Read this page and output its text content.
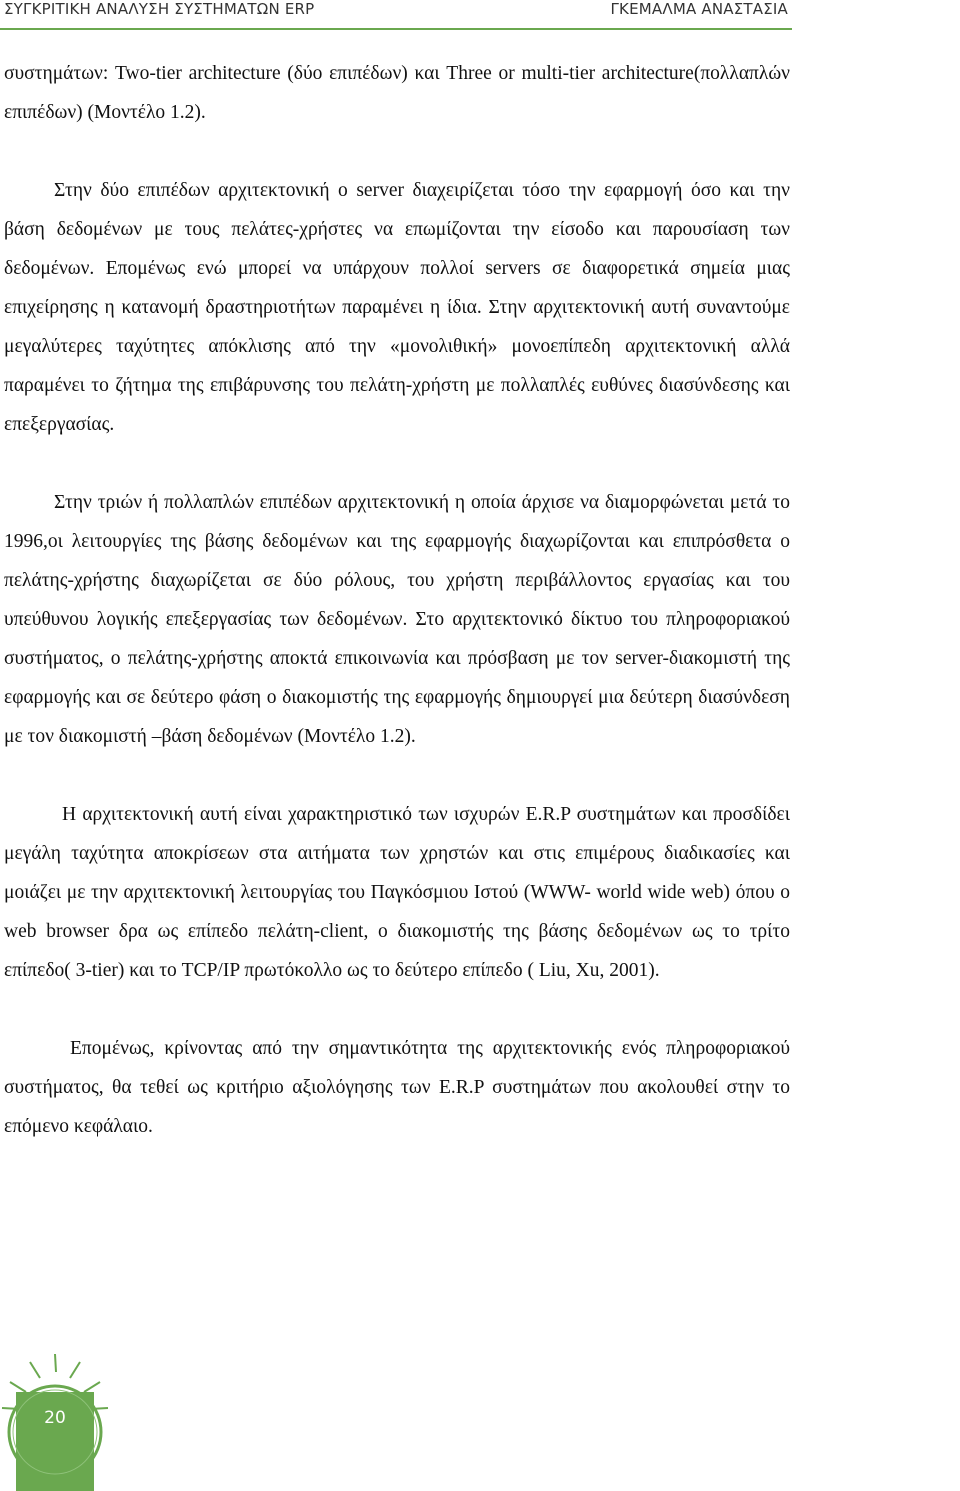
ΣΥΓΚΡΙΤΙΚΗ ΑΝΑΛΥΣΗ ΣΥΣΤΗΜΑΤΩΝ ERP	ΓΚΕΜΑΛΜΑ ΑΝΑΣΤΑΣΙΑ

συστημάτων: Two-tier architecture (δύο επιπέδων) και Three or multi-tier architecture(πολλαπλών επιπέδων) (Μοντέλο 1.2).

Στην δύο επιπέδων αρχιτεκτονική ο server διαχειρίζεται τόσο την εφαρμογή όσο και την βάση δεδομένων με τους πελάτες-χρήστες να επωμίζονται την είσοδο και παρουσίαση των δεδομένων. Επομένως ενώ μπορεί να υπάρχουν πολλοί servers σε διαφορετικά σημεία μιας επιχείρησης η κατανομή δραστηριοτήτων παραμένει η ίδια. Στην αρχιτεκτονική αυτή συναντούμε μεγαλύτερες ταχύτητες απόκλισης από την «μονολιθική» μονοεπίπεδη αρχιτεκτονική αλλά παραμένει το ζήτημα της επιβάρυνσης του πελάτη-χρήστη με πολλαπλές ευθύνες διασύνδεσης και επεξεργασίας.

Στην τριών ή πολλαπλών επιπέδων αρχιτεκτονική η οποία άρχισε να διαμορφώνεται μετά το 1996,οι λειτουργίες της βάσης δεδομένων και της εφαρμογής διαχωρίζονται και επιπρόσθετα ο πελάτης-χρήστης διαχωρίζεται σε δύο ρόλους, του χρήστη περιβάλλοντος εργασίας και του υπεύθυνου λογικής επεξεργασίας των δεδομένων. Στο αρχιτεκτονικό δίκτυο του πληροφοριακού συστήματος, ο πελάτης-χρήστης αποκτά επικοινωνία και πρόσβαση με τον server-διακομιστή της εφαρμογής και σε δεύτερο φάση ο διακομιστής της εφαρμογής δημιουργεί μια δεύτερη διασύνδεση με τον διακομιστή –βάση δεδομένων (Μοντέλο 1.2).

Η αρχιτεκτονική αυτή είναι χαρακτηριστικό των ισχυρών E.R.P συστημάτων και προσδίδει μεγάλη ταχύτητα αποκρίσεων στα αιτήματα των χρηστών και στις επιμέρους διαδικασίες και μοιάζει με την αρχιτεκτονική λειτουργίας του Παγκόσμιου Ιστού (WWW- world wide web) όπου ο web browser δρα ως επίπεδο πελάτη-client, ο διακομιστής της βάσης δεδομένων ως το τρίτο επίπεδο( 3-tier) και το TCP/IP πρωτόκολλο ως το δεύτερο επίπεδο ( Liu, Xu, 2001).

Επομένως, κρίνοντας από την σημαντικότητα της αρχιτεκτονικής ενός πληροφοριακού συστήματος, θα τεθεί ως κριτήριο αξιολόγησης των E.R.P συστημάτων που ακολουθεί στην το επόμενο κεφάλαιο.

20
